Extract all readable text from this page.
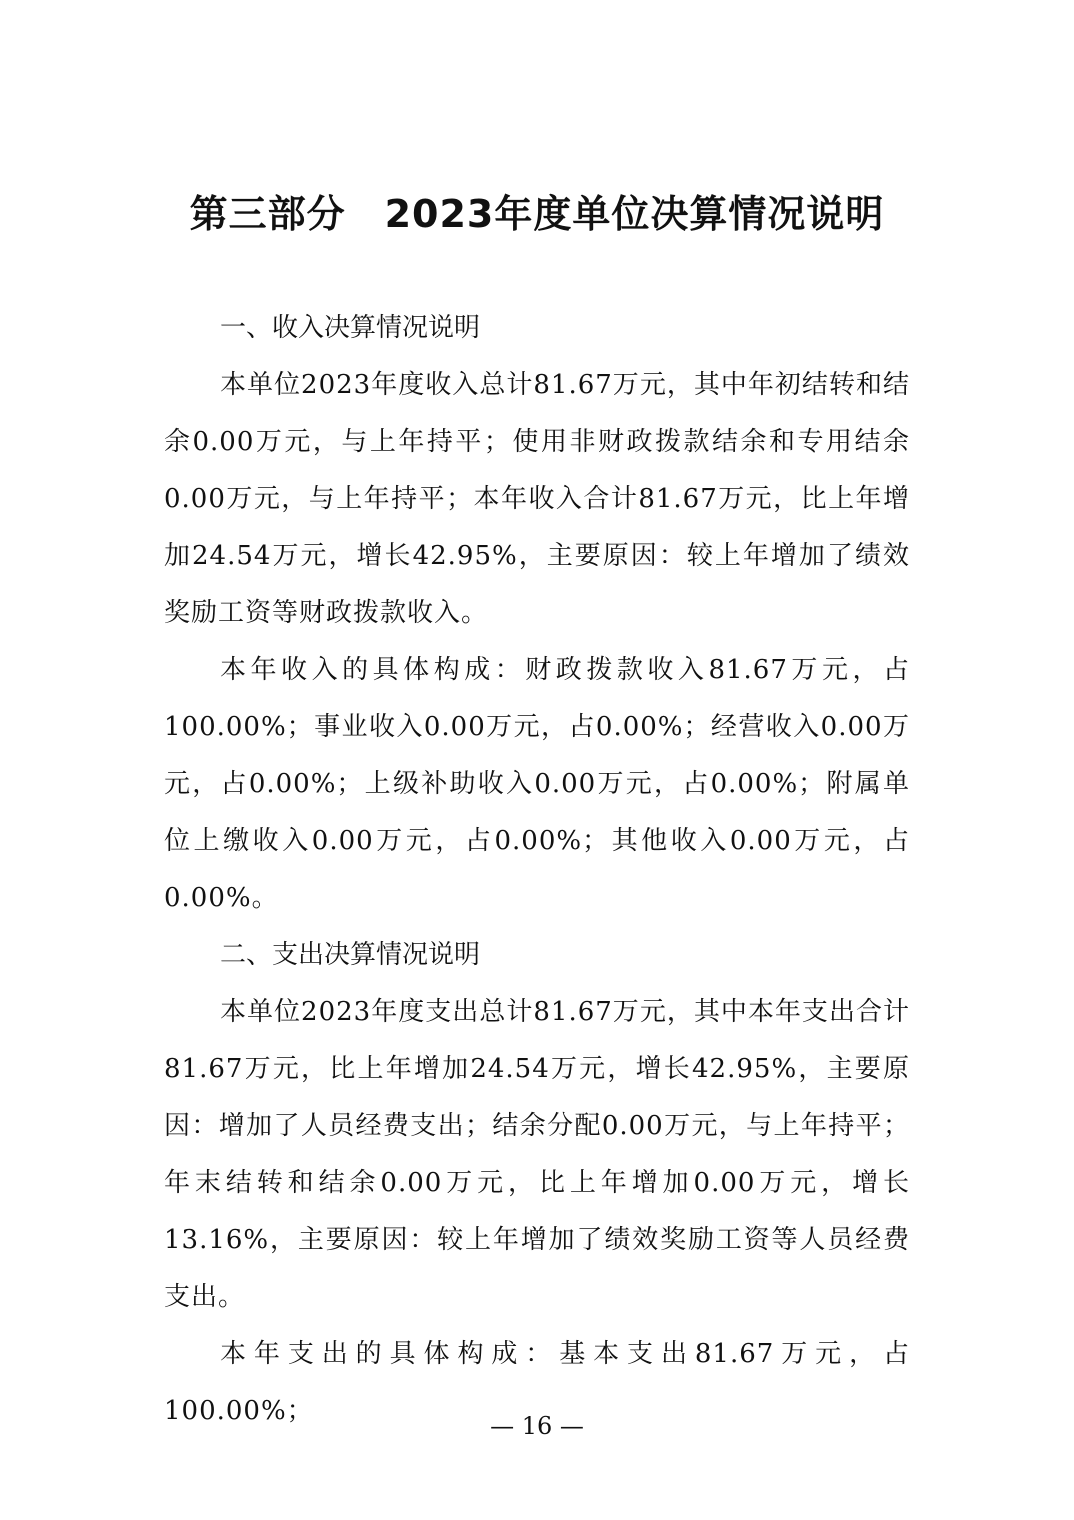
第三部分　2023年度单位决算情况说明
一、收入决算情况说明

本单位2023年度收入总计81.67万元，其中年初结转和结余0.00万元，与上年持平；使用非财政拨款结余和专用结余0.00万元，与上年持平；本年收入合计81.67万元，比上年增加24.54万元，增长42.95%，主要原因：较上年增加了绩效奖励工资等财政拨款收入。

本年收入的具体构成：财政拨款收入81.67万元，占100.00%；事业收入0.00万元，占0.00%；经营收入0.00万元，占0.00%；上级补助收入0.00万元，占0.00%；附属单位上缴收入0.00万元，占0.00%；其他收入0.00万元，占0.00%。

二、支出决算情况说明

本单位2023年度支出总计81.67万元，其中本年支出合计81.67万元，比上年增加24.54万元，增长42.95%，主要原因：增加了人员经费支出；结余分配0.00万元，与上年持平；年末结转和结余0.00万元，比上年增加0.00万元，增长13.16%，主要原因：较上年增加了绩效奖励工资等人员经费支出。

本年支出的具体构成：基本支出81.67万元，占100.00%；	— 16 —
